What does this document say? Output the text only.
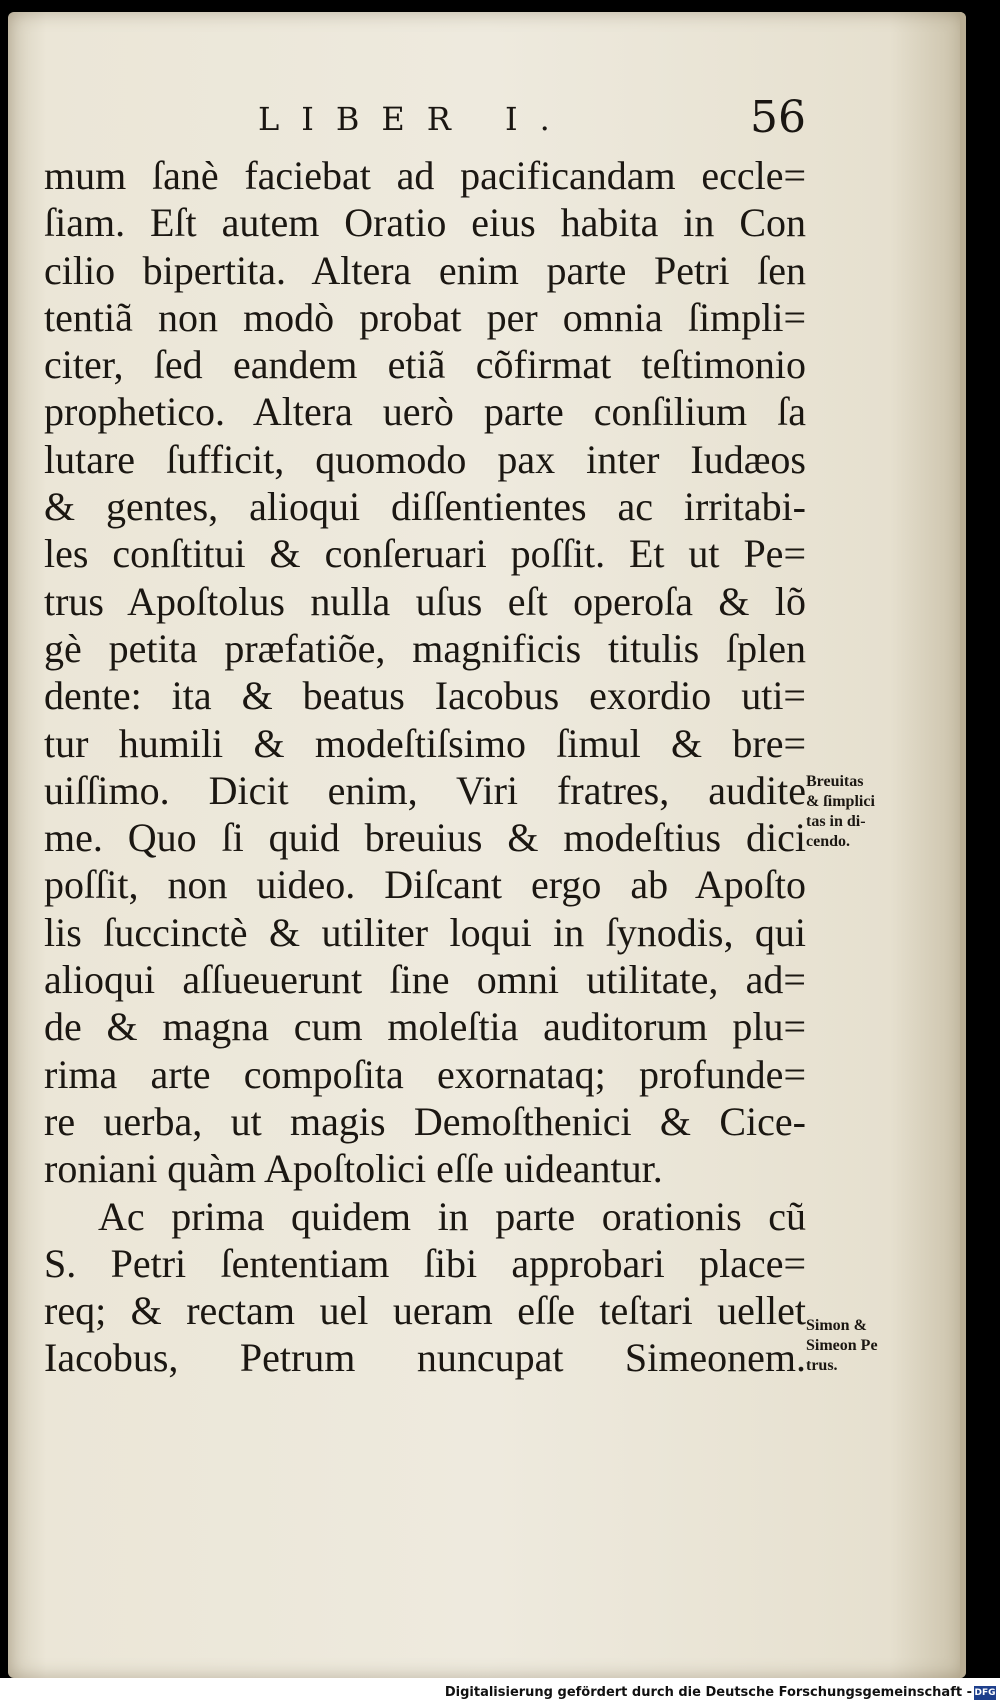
LIBER I.	56
mum ſanè faciebat ad pacificandam eccle=
ſiam. Eſt autem Oratio eius habita in Con
cilio bipertita. Altera enim parte Petri ſen
tentiã non modò probat per omnia ſimpli=
citer, ſed eandem etiã cõfirmat teſtimonio
prophetico. Altera uerò parte conſilium ſa
lutare ſufficit, quomodo pax inter Iudæos
& gentes, alioqui diſſentientes ac irritabi-
les conſtitui & conſeruari poſſit. Et ut Pe=
trus Apoſtolus nulla uſus eſt operoſa & lõ
gè petita præfatiõe, magnificis titulis ſplen
dente: ita & beatus Iacobus exordio uti=
tur humili & modeſtiſsimo ſimul & bre=
uiſſimo. Dicit enim, Viri fratres, audite
me. Quo ſi quid breuius & modeſtius dici
poſſit, non uideo. Diſcant ergo ab Apoſto
lis ſuccinctè & utiliter loqui in ſynodis, qui
alioqui aſſueuerunt ſine omni utilitate, ad=
de & magna cum moleſtia auditorum plu=
rima arte compoſita exornataq; profunde=
re uerba, ut magis Demoſthenici & Cice-
roniani quàm Apoſtolici eſſe uideantur.
Ac prima quidem in parte orationis cũ
S. Petri ſententiam ſibi approbari place=
req; & rectam uel ueram eſſe teſtari uellet
Iacobus, Petrum nuncupat Simeonem.
Breuitas
& ſimplici
tas in di-
cendo.
Simon &
Simeon Pe
trus.
Digitalisierung gefördert durch die Deutsche Forschungsgemeinschaft - DFG
